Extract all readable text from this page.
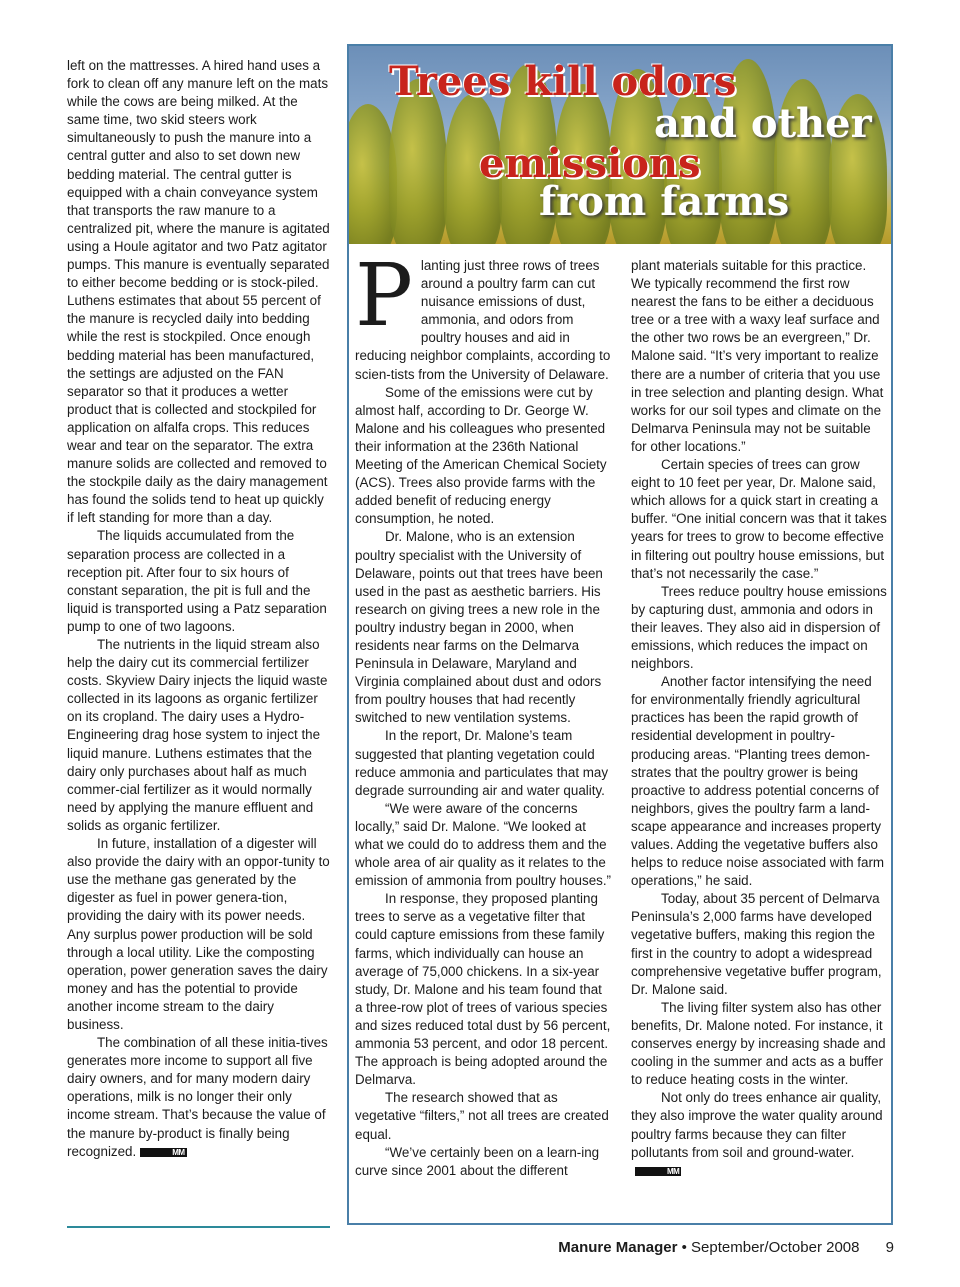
left on the mattresses. A hired hand uses a fork to clean off any manure left on the mats while the cows are being milked. At the same time, two skid steers work simultaneously to push the manure into a central gutter and also to set down new bedding material. The central gutter is equipped with a chain conveyance system that transports the raw manure to a centralized pit, where the manure is agitated using a Houle agitator and two Patz agitator pumps. This manure is eventually separated to either become bedding or is stock-piled. Luthens estimates that about 55 percent of the manure is recycled daily into bedding while the rest is stockpiled. Once enough bedding material has been manufactured, the settings are adjusted on the FAN separator so that it produces a wetter product that is collected and stockpiled for application on alfalfa crops. This reduces wear and tear on the separator. The extra manure solids are collected and removed to the stockpile daily as the dairy management has found the solids tend to heat up quickly if left standing for more than a day.

The liquids accumulated from the separation process are collected in a reception pit. After four to six hours of constant separation, the pit is full and the liquid is transported using a Patz separation pump to one of two lagoons.

The nutrients in the liquid stream also help the dairy cut its commercial fertilizer costs. Skyview Dairy injects the liquid waste collected in its lagoons as organic fertilizer on its cropland. The dairy uses a Hydro-Engineering drag hose system to inject the liquid manure. Luthens estimates that the dairy only purchases about half as much commer-cial fertilizer as it would normally need by applying the manure effluent and solids as organic fertilizer.

In future, installation of a digester will also provide the dairy with an oppor-tunity to use the methane gas generated by the digester as fuel in power genera-tion, providing the dairy with its power needs. Any surplus power production will be sold through a local utility. Like the composting operation, power generation saves the dairy money and has the potential to provide another income stream to the dairy business.

The combination of all these initia-tives generates more income to support all five dairy owners, and for many modern dairy operations, milk is no longer their only income stream. That’s because the value of the manure by-product is finally being recognized.	MM

Trees kill odors
and other
emissions
from farms

Planting just three rows of trees around a poultry farm can cut nuisance emissions of dust, ammonia, and odors from poultry houses and aid in reducing neighbor complaints, according to scien-tists from the University of Delaware.

Some of the emissions were cut by almost half, according to Dr. George W. Malone and his colleagues who presented their information at the 236th National Meeting of the American Chemical Society (ACS). Trees also provide farms with the added benefit of reducing energy consumption, he noted.

Dr. Malone, who is an extension poultry specialist with the University of Delaware, points out that trees have been used in the past as aesthetic barriers. His research on giving trees a new role in the poultry industry began in 2000, when residents near farms on the Delmarva Peninsula in Delaware, Maryland and Virginia complained about dust and odors from poultry houses that had recently switched to new ventilation systems.

In the report, Dr. Malone’s team suggested that planting vegetation could reduce ammonia and particulates that may degrade surrounding air and water quality.

“We were aware of the concerns locally,” said Dr. Malone. “We looked at what we could do to address them and the whole area of air quality as it relates to the emission of ammonia from poultry houses.”

In response, they proposed planting trees to serve as a vegetative filter that could capture emissions from these family farms, which individually can house an average of 75,000 chickens. In a six-year study, Dr. Malone and his team found that a three-row plot of trees of various species and sizes reduced total dust by 56 percent, ammonia 53 percent, and odor 18 percent. The approach is being adopted around the Delmarva.

The research showed that as vegetative “filters,” not all trees are created equal.

“We’ve certainly been on a learn-ing curve since 2001 about the different

plant materials suitable for this practice. We typically recommend the first row nearest the fans to be either a deciduous tree or a tree with a waxy leaf surface and the other two rows be an evergreen,” Dr. Malone said. “It’s very important to realize there are a number of criteria that you use in tree selection and planting design. What works for our soil types and climate on the Delmarva Peninsula may not be suitable for other locations.”

Certain species of trees can grow eight to 10 feet per year, Dr. Malone said, which allows for a quick start in creating a buffer. “One initial concern was that it takes years for trees to grow to become effective in filtering out poultry house emissions, but that’s not necessarily the case.”

Trees reduce poultry house emissions by capturing dust, ammonia and odors in their leaves. They also aid in dispersion of emissions, which reduces the impact on neighbors.

Another factor intensifying the need for environmentally friendly agricultural practices has been the rapid growth of residential development in poultry-producing areas. “Planting trees demon-strates that the poultry grower is being proactive to address potential concerns of neighbors, gives the poultry farm a land-scape appearance and increases property values. Adding the vegetative buffers also helps to reduce noise associated with farm operations,” he said.

Today, about 35 percent of Delmarva Peninsula’s 2,000 farms have developed vegetative buffers, making this region the first in the country to adopt a widespread comprehensive vegetative buffer program, Dr. Malone said.

The living filter system also has other benefits, Dr. Malone noted. For instance, it conserves energy by increasing shade and cooling in the summer and acts as a buffer to reduce heating costs in the winter.

Not only do trees enhance air quality, they also improve the water quality around poultry farms because they can filter pollutants from soil and ground-water.MM

Manure Manager • September/October 2008 9
